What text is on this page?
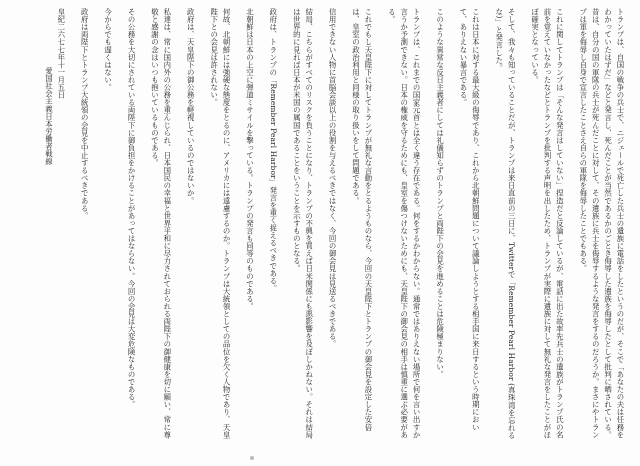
トランプは、自国の戦争の兵士で、ニジェールで死亡した兵士の遺族に電話をしたというのだが、そこで「あなたの夫は任務をわかっていたはずだ」などと発言し、死んだことが当然であるかのごとき侮辱した遺族を侮辱したとして批判に晒されている。昔は、自分の国の軍隊の兵士が死んだことに対して、その遺族に兵士を侮辱するような発言をするのだろうか。まさにやトランプは軍を侮辱し自身で宣言したことさえ自らの軍隊を侮辱したことでもある。

これに関してトランプは「そんな発言はしていない」捏造だと反論しているが、電話に出た故率先兵士の遺族がトランプ氏の名前を覚えていなかったなどとトランプを批判する声明を出したため、トランプが実際に遺族に対して無礼な発言をしたことがほぼ確実となっている。

そして、我々も知っていることだが、トランプは来日直前の三日に、Twitterで「Remember Pearl Harbor (真珠湾を忘れるな)」と発言した。

これは日本に対する最大級の侮辱であり、これから北朝鮮問題について議論しようとする相手国に来日するという時期において、ありえない暴言である。

このような異常な反日主義者にしては礼儀知らずのトランプと両陛下の会見を進めることは危険極まりない。

トランプは、これまでの国家元首とは全く違う存在である。何をするかわからない。通常ではありえない場所で何を言い出すか言うか予測できない。日本の権威を守るためにも、皇室を傷つけないためにも、天皇陛下の御会見の相手は慎重に選ぶ必要がある。

これでもし天皇陛下に対してトランプが無礼な言動をとるようものなら、今回の天皇陛下とトランプの御会見を設定した安倍は、皇室の政治利用と同様の取り扱いをして問題である。

信用できない人物に首脳会談以上の役割を与えるべきではなく、今回の御会見は見送るべきである。

結局、こちらがすべてのリスクを負うことになり、トランプの不興を買えば日米関係にも悪影響を及ぼしかねない。それは結局は世界的に見れば日本が米国の属国であることをいうことを示すものとなる。

政府は、トランプの「Remember Pearl Harbor」発言を重く捉えるべきである。

北朝鮮は日本の上空に弾道ミサイルを撃っている。トランプの発言も同等のものである。

何故、北朝鮮には強硬な態度をとるのに、アメリカには遠慮するのか。トランプは大統領としての品位を欠く人物であり、天皇陛下との会見は許されない。

政府は、天皇陛下の御公務を軽視しているのではないか。

私達は、常に国内外の公務を重んじられ、日本国民の幸福と世界平和に尽力されておられる両陛下の御健康を切に願い、常に尊敬と感謝の念はいつも抱いているものである。

その公務を大切にされている両陛下に御負担をかけることがあってはならない。今回の会見は大変危険なものである。

今からでも遅くはない。

政府は両陛下とトランプ大統領の会見を中止するべきである。

皇紀二六七七年十一月五日
愛国社会主義日本労働者戦線
